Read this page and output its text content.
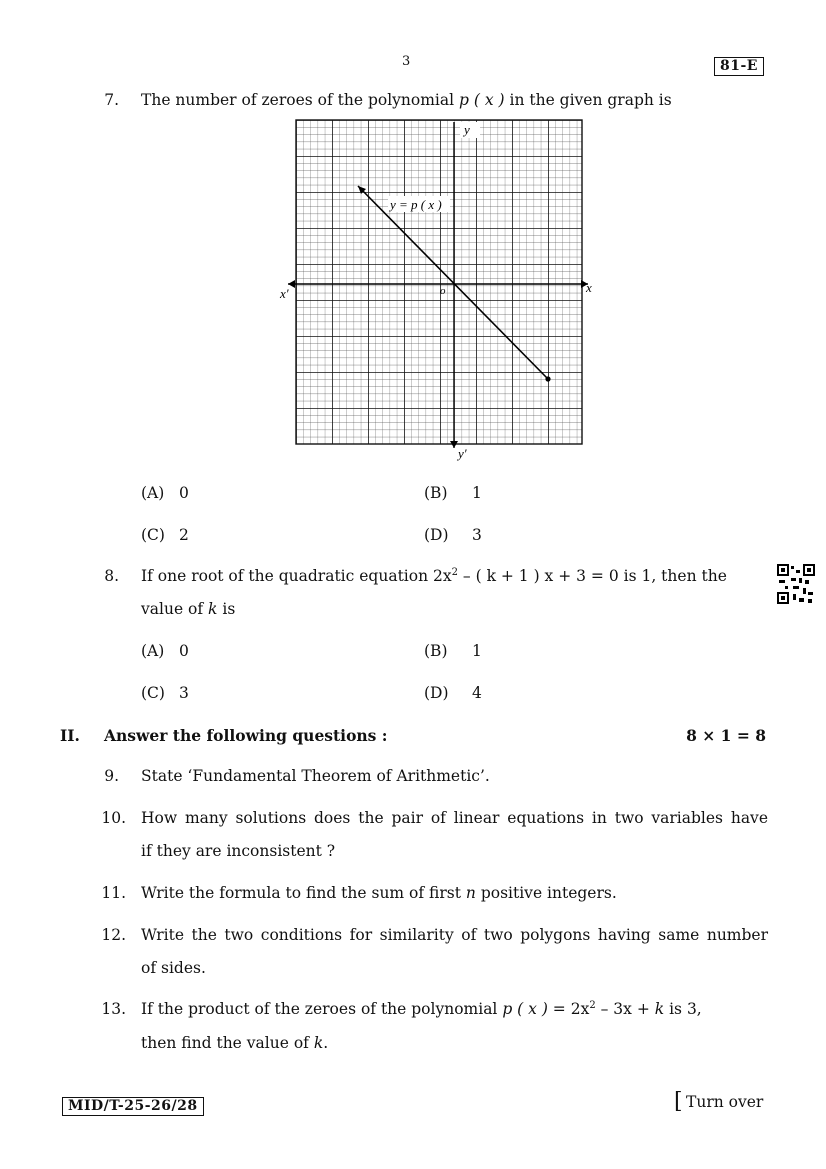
3	81-E
7. The number of zeroes of the polynomial p ( x ) in the given graph is
y
y′
x
x′	o
y = p ( x )
(A) 0	(B)	1
(C) 2	(D)	3
8. If one root of the quadratic equation $2x^2$ – ( k + 1 ) x + 3 = 0 is 1, then the
value of k is
(A) 0	(B)	1
(C) 3	(D)	4
II. Answer the following questions :	8 × 1 = 8
9. State ‘Fundamental Theorem of Arithmetic’.
10. How many solutions does the pair of linear equations in two variables have
if they are inconsistent ?
11. Write the formula to find the sum of first n positive integers.
12. Write the two conditions for similarity of two polygons having same number
of sides.
13. If the product of the zeroes of the polynomial p ( x ) = $2x^2 - 3x + k$ is 3,
then find the value of k.
MID/T-25-26/28	[ Turn over
